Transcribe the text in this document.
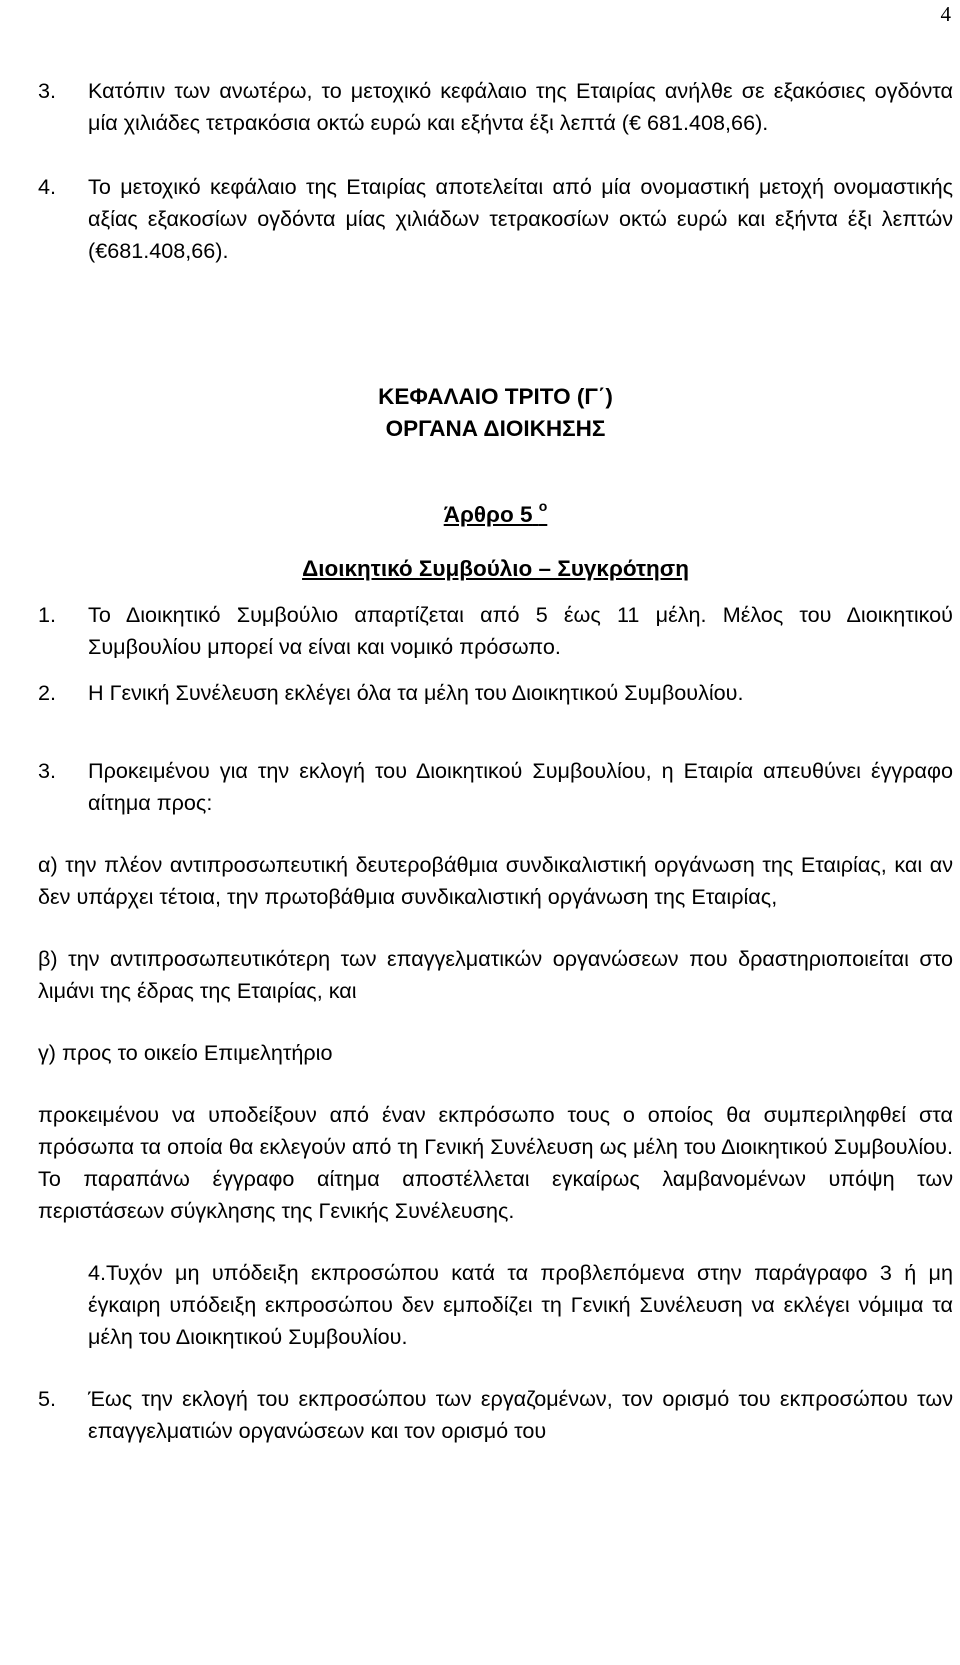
4
3.	Κατόπιν των ανωτέρω, το μετοχικό κεφάλαιο της Εταιρίας ανήλθε σε εξακόσιες ογδόντα μία χιλιάδες τετρακόσια οκτώ ευρώ και εξήντα έξι λεπτά (€ 681.408,66).
4.	Το μετοχικό κεφάλαιο της Εταιρίας αποτελείται από μία ονομαστική μετοχή ονομαστικής αξίας εξακοσίων ογδόντα μίας χιλιάδων τετρακοσίων οκτώ ευρώ και εξήντα έξι λεπτών (€681.408,66).
ΚΕΦΑΛΑΙΟ ΤΡΙΤΟ (Γ΄)
ΟΡΓΑΝΑ ΔΙΟΙΚΗΣΗΣ
Άρθρο 5 $^o$
Διοικητικό Συμβούλιο – Συγκρότηση
1.	Το Διοικητικό Συμβούλιο απαρτίζεται από 5 έως 11 μέλη. Μέλος του Διοικητικού Συμβουλίου μπορεί να είναι και νομικό πρόσωπο.
2.	Η Γενική Συνέλευση εκλέγει όλα τα μέλη του Διοικητικού Συμβουλίου.
3.	Προκειμένου για την εκλογή του Διοικητικού Συμβουλίου, η Εταιρία απευθύνει έγγραφο αίτημα προς:

α) την πλέον αντιπροσωπευτική δευτεροβάθμια συνδικαλιστική οργάνωση της Εταιρίας, και αν δεν υπάρχει τέτοια, την πρωτοβάθμια συνδικαλιστική οργάνωση της Εταιρίας,

β) την αντιπροσωπευτικότερη των επαγγελματικών οργανώσεων που δραστηριοποιείται στο λιμάνι της έδρας της Εταιρίας, και

γ) προς το οικείο Επιμελητήριο

προκειμένου να υποδείξουν από έναν εκπρόσωπο τους ο οποίος θα συμπεριληφθεί στα πρόσωπα τα οποία θα εκλεγούν από τη Γενική Συνέλευση ως μέλη του Διοικητικού Συμβουλίου. Το παραπάνω έγγραφο αίτημα αποστέλλεται εγκαίρως λαμβανομένων υπόψη των περιστάσεων σύγκλησης της Γενικής Συνέλευσης.

4.Τυχόν μη υπόδειξη εκπροσώπου κατά τα προβλεπόμενα στην παράγραφο 3 ή μη έγκαιρη υπόδειξη εκπροσώπου δεν εμποδίζει τη Γενική Συνέλευση να εκλέγει νόμιμα τα μέλη του Διοικητικού Συμβουλίου.

5.	Έως την εκλογή του εκπροσώπου των εργαζομένων, τον ορισμό του εκπροσώπου των επαγγελματιών οργανώσεων και τον ορισμό του
